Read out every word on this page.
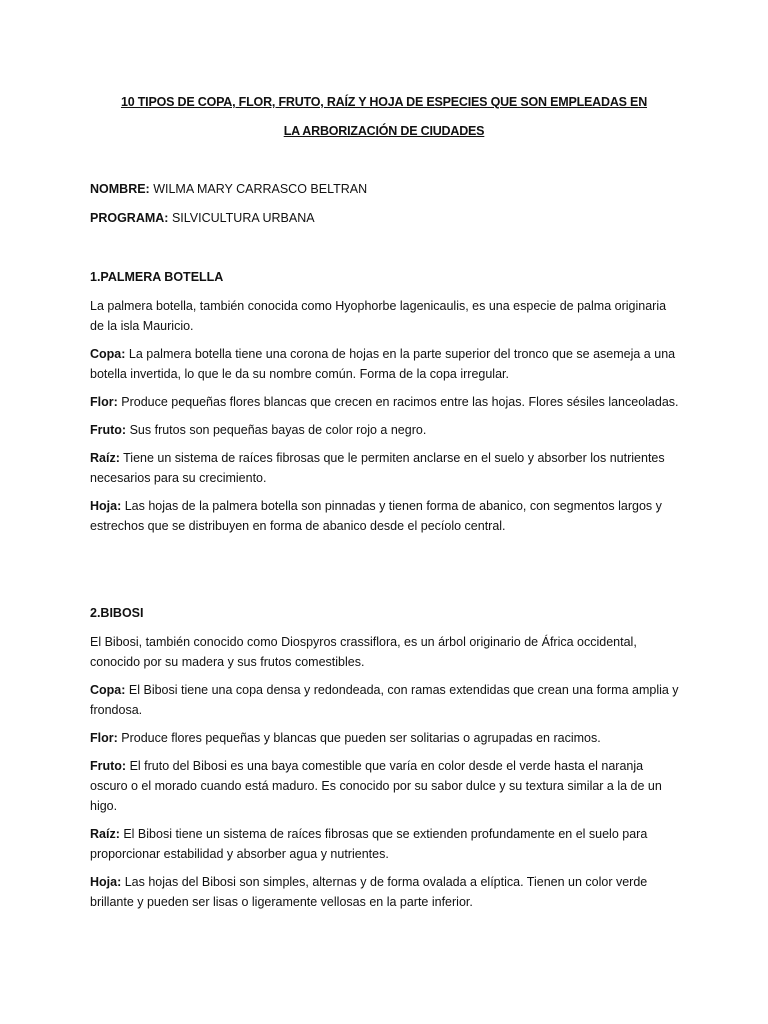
10 TIPOS DE COPA, FLOR, FRUTO, RAÍZ Y HOJA DE ESPECIES QUE SON EMPLEADAS EN
LA ARBORIZACIÓN DE CIUDADES
NOMBRE: WILMA MARY CARRASCO BELTRAN
PROGRAMA: SILVICULTURA URBANA
1.PALMERA BOTELLA

La palmera botella, también conocida como Hyophorbe lagenicaulis, es una especie de palma originaria de la isla Mauricio.

Copa: La palmera botella tiene una corona de hojas en la parte superior del tronco que se asemeja a una botella invertida, lo que le da su nombre común. Forma de la copa irregular.

Flor: Produce pequeñas flores blancas que crecen en racimos entre las hojas. Flores sésiles lanceoladas.

Fruto: Sus frutos son pequeñas bayas de color rojo a negro.

Raíz: Tiene un sistema de raíces fibrosas que le permiten anclarse en el suelo y absorber los nutrientes necesarios para su crecimiento.

Hoja: Las hojas de la palmera botella son pinnadas y tienen forma de abanico, con segmentos largos y estrechos que se distribuyen en forma de abanico desde el pecíolo central.

2.BIBOSI

El Bibosi, también conocido como Diospyros crassiflora, es un árbol originario de África occidental, conocido por su madera y sus frutos comestibles.

Copa: El Bibosi tiene una copa densa y redondeada, con ramas extendidas que crean una forma amplia y frondosa.

Flor: Produce flores pequeñas y blancas que pueden ser solitarias o agrupadas en racimos.

Fruto: El fruto del Bibosi es una baya comestible que varía en color desde el verde hasta el naranja oscuro o el morado cuando está maduro. Es conocido por su sabor dulce y su textura similar a la de un higo.

Raíz: El Bibosi tiene un sistema de raíces fibrosas que se extienden profundamente en el suelo para proporcionar estabilidad y absorber agua y nutrientes.

Hoja: Las hojas del Bibosi son simples, alternas y de forma ovalada a elíptica. Tienen un color verde brillante y pueden ser lisas o ligeramente vellosas en la parte inferior.
